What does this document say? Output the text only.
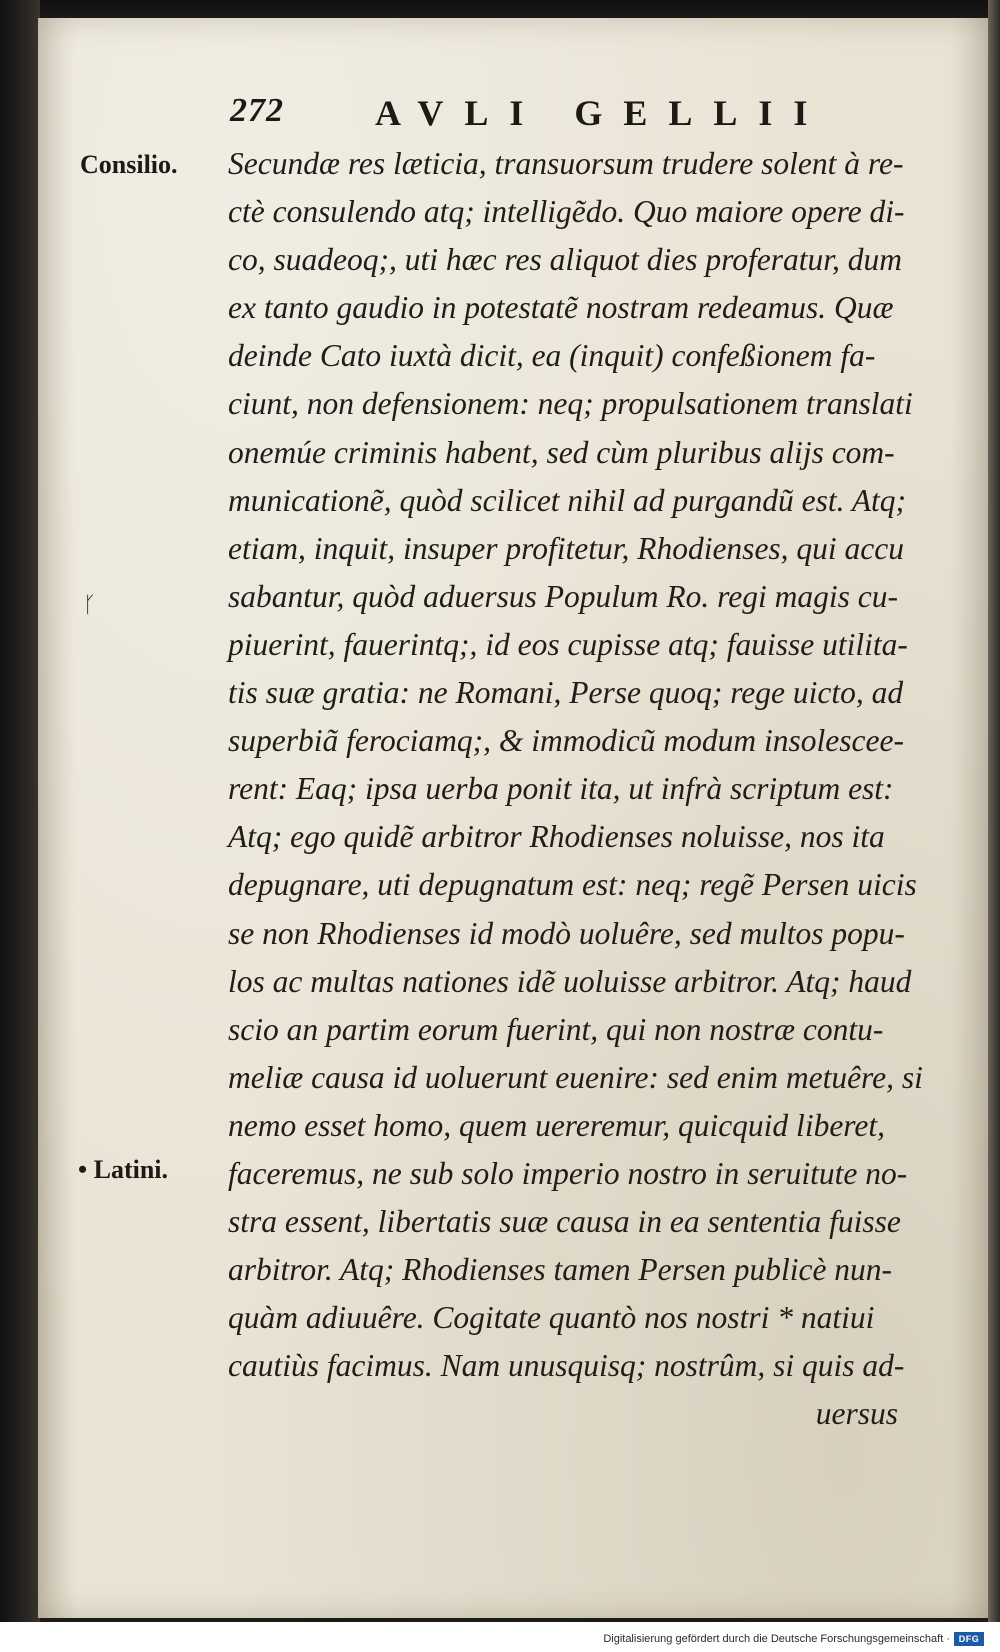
272	AVLI GELLII
Consilio.
ᚴ
• Latini.
Secundæ res læticia, transuorsum trudere solent à re-
ctè consulendo atq; intelligẽdo. Quo maiore opere di-
co, suadeoq;, uti hæc res aliquot dies proferatur, dum
ex tanto gaudio in potestatẽ nostram redeamus. Quæ
deinde Cato iuxtà dicit, ea (inquit) confeßionem fa-
ciunt, non defensionem: neq; propulsationem translati
onemúe criminis habent, sed cùm pluribus alijs com-
municationẽ, quòd scilicet nihil ad purgandũ est. Atq;
etiam, inquit, insuper profitetur, Rhodienses, qui accu
sabantur, quòd aduersus Populum Ro. regi magis cu-
piuerint, fauerintq;, id eos cupisse atq; fauisse utilita-
tis suæ gratia: ne Romani, Perse quoq; rege uicto, ad
superbiã ferociamq;, & immodicũ modum insolescee-
rent: Eaq; ipsa uerba ponit ita, ut infrà scriptum est:
Atq; ego quidẽ arbitror Rhodienses noluisse, nos ita
depugnare, uti depugnatum est: neq; regẽ Persen uicis
se non Rhodienses id modò uoluêre, sed multos popu-
los ac multas nationes idẽ uoluisse arbitror. Atq; haud
scio an partim eorum fuerint, qui non nostræ contu-
meliæ causa id uoluerunt euenire: sed enim metuêre, si
nemo esset homo, quem uereremur, quicquid liberet,
faceremus, ne sub solo imperio nostro in seruitute no-
stra essent, libertatis suæ causa in ea sententia fuisse
arbitror. Atq; Rhodienses tamen Persen publicè nun-
quàm adiuuêre. Cogitate quantò nos nostri * natiui
cautiùs facimus. Nam unusquisq; nostrûm, si quis ad-
uersus
Digitalisierung gefördert durch die Deutsche Forschungsgemeinschaft · DFG
